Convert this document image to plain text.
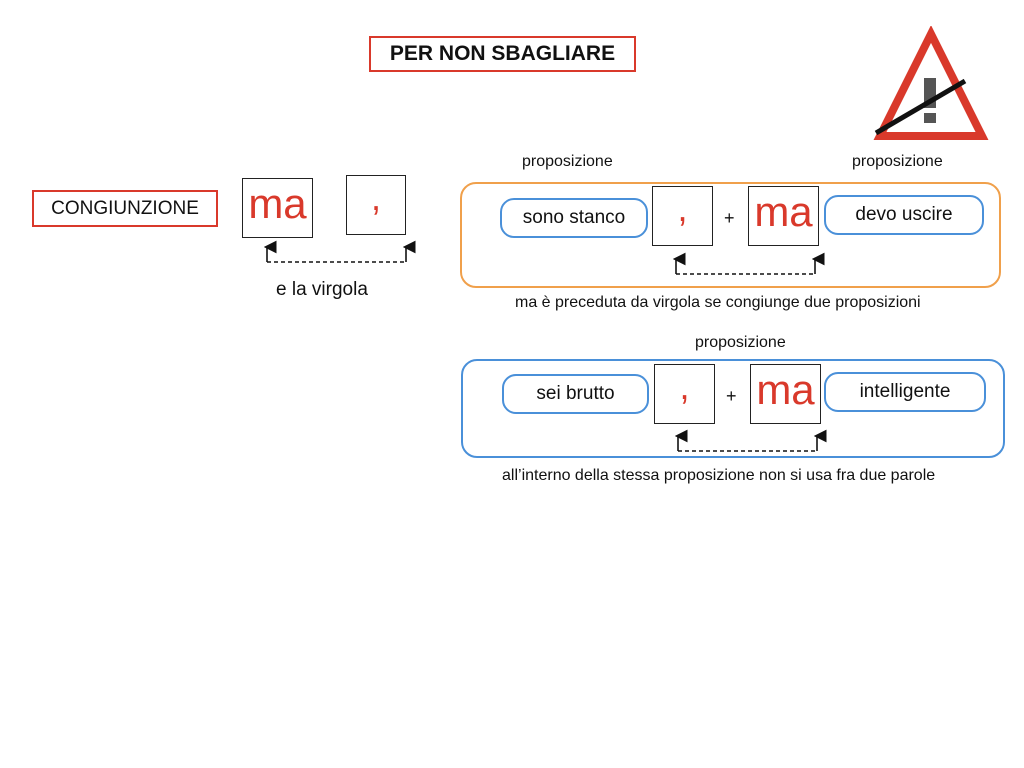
PER NON SBAGLIARE
CONGIUNZIONE	ma ,
e la virgola
proposizione	proposizione
sono stanco , + ma devo uscire
ma è preceduta da virgola se congiunge due proposizioni
proposizione
sei brutto , + ma intelligente
all’interno della stessa proposizione non si usa fra due parole
